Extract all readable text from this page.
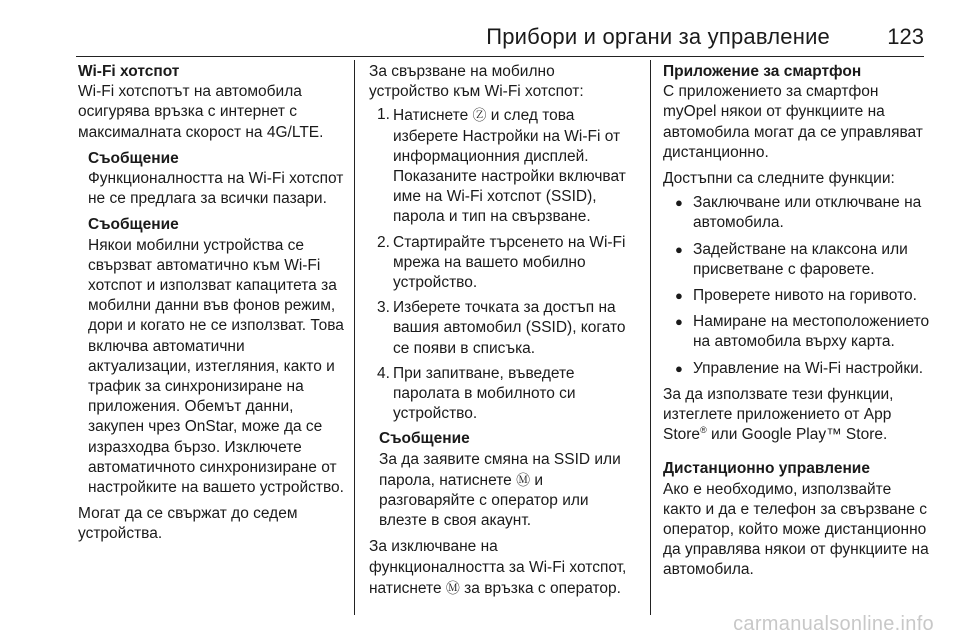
Прибори и органи за управление	123

Wi-Fi хотспот

Wi-Fi хотспотът на автомобила осигурява връзка с интернет с максималната скорост на 4G/LTE.

Съобщение

Функционалността на Wi-Fi хотспот не се предлага за всички пазари.

Съобщение

Някои мобилни устройства се свързват автоматично към Wi-Fi хотспот и използват капацитета за мобилни данни във фонов режим, дори и когато не се използват. Това включва автоматични актуализации, изтегляния, както и трафик за синхронизиране на приложения. Обемът данни, закупен чрез OnStar, може да се изразходва бързо. Изключете автоматичното синхронизиране от настройките на вашето устройство.

Могат да се свържат до седем устройства.

За свързване на мобилно устройство към Wi-Fi хотспот:

1. Натиснете Ⓩ и след това изберете Настройки на Wi-Fi от информационния дисплей. Показаните настройки включват име на Wi-Fi хотспот (SSID), парола и тип на свързване.
2. Стартирайте търсенето на Wi-Fi мрежа на вашето мобилно устройство.
3. Изберете точката за достъп на вашия автомобил (SSID), когато се появи в списъка.
4. При запитване, въведете паролата в мобилното си устройство.

Съобщение

За да заявите смяна на SSID или парола, натиснете Ⓜ и разговаряйте с оператор или влезте в своя акаунт.

За изключване на функционалността за Wi-Fi хотспот, натиснете Ⓜ за връзка с оператор.

Приложение за смартфон

С приложението за смартфон myOpel някои от функциите на автомобила могат да се управляват дистанционно.

Достъпни са следните функции:

● Заключване или отключване на автомобила.
● Задействане на клаксона или присветване с фаровете.
● Проверете нивото на горивото.
● Намиране на местоположението на автомобила върху карта.
● Управление на Wi-Fi настройки.

За да използвате тези функции, изтеглете приложението от App Store® или Google Play™ Store.

Дистанционно управление

Ако е необходимо, използвайте както и да е телефон за свързване с оператор, който може дистанционно да управлява някои от функциите на автомобила.

carmanualsonline.info
